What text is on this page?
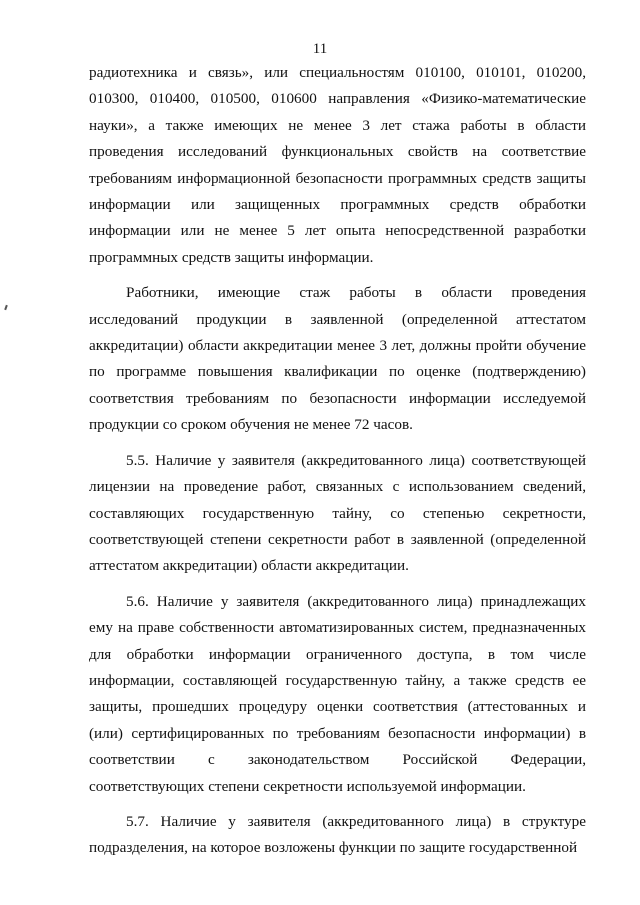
11

радиотехника и связь», или специальностям 010100, 010101, 010200, 010300, 010400, 010500, 010600 направления «Физико-математические науки», а также имеющих не менее 3 лет стажа работы в области проведения исследований функциональных свойств на соответствие требованиям информационной безопасности программных средств защиты информации или защищенных программных средств обработки информации или не менее 5 лет опыта непосредственной разработки программных средств защиты информации.

Работники, имеющие стаж работы в области проведения исследований продукции в заявленной (определенной аттестатом аккредитации) области аккредитации менее 3 лет, должны пройти обучение по программе повышения квалификации по оценке (подтверждению) соответствия требованиям по безопасности информации исследуемой продукции со сроком обучения не менее 72 часов.

5.5. Наличие у заявителя (аккредитованного лица) соответствующей лицензии на проведение работ, связанных с использованием сведений, составляющих государственную тайну, со степенью секретности, соответствующей степени секретности работ в заявленной (определенной аттестатом аккредитации) области аккредитации.

5.6. Наличие у заявителя (аккредитованного лица) принадлежащих ему на праве собственности автоматизированных систем, предназначенных для обработки информации ограниченного доступа, в том числе информации, составляющей государственную тайну, а также средств ее защиты, прошедших процедуру оценки соответствия (аттестованных и (или) сертифицированных по требованиям безопасности информации) в соответствии с законодательством Российской Федерации, соответствующих степени секретности используемой информации.

5.7. Наличие у заявителя (аккредитованного лица) в структуре подразделения, на которое возложены функции по защите государственной
